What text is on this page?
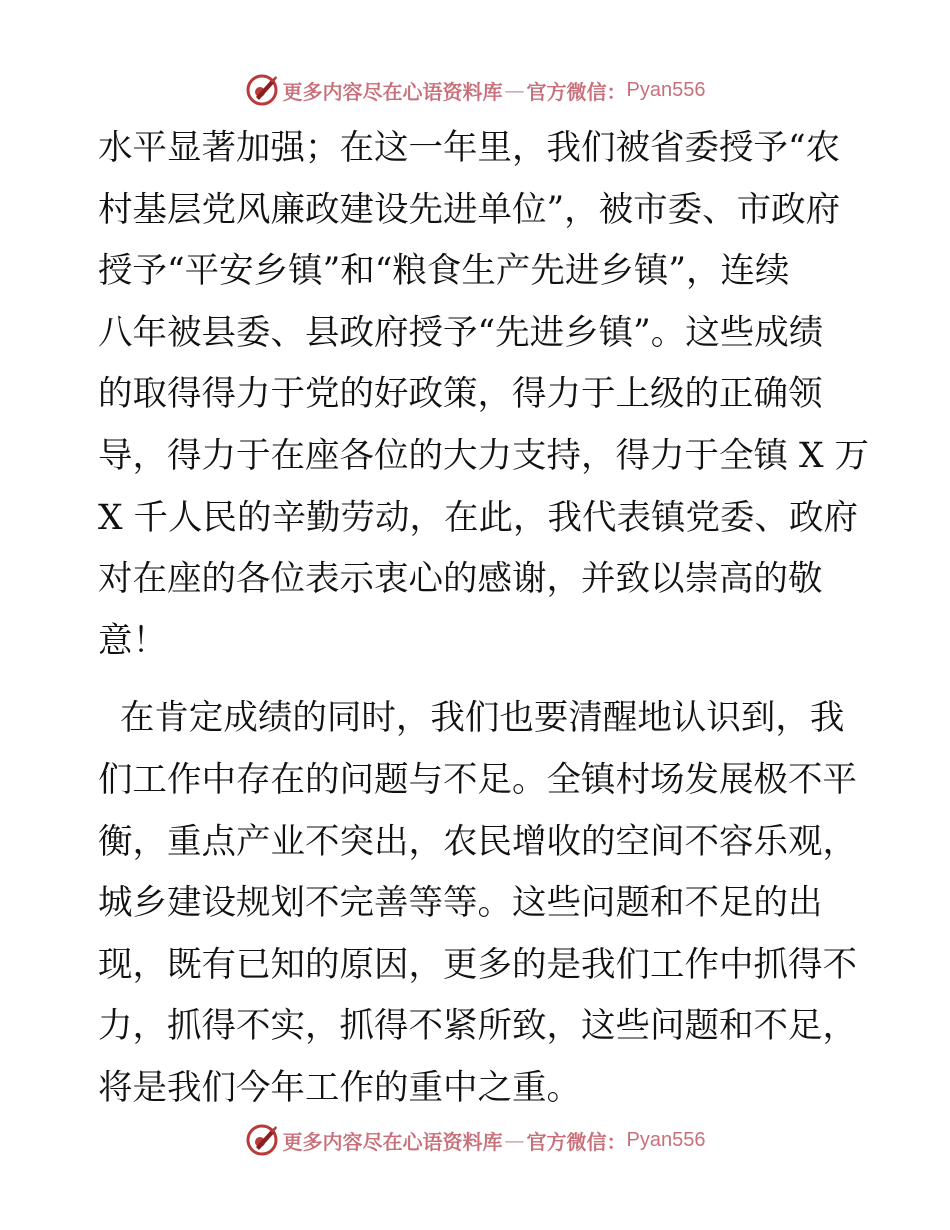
更多内容尽在心语资料库 — 官方微信： Pyan556
水平显著加强；在这一年里，我们被省委授予“农
村基层党风廉政建设先进单位”，被市委、市政府
授予“平安乡镇”和“粮食生产先进乡镇”，连续
八年被县委、县政府授予“先进乡镇”。这些成绩
的取得得力于党的好政策，得力于上级的正确领
导，得力于在座各位的大力支持，得力于全镇 X 万
X 千人民的辛勤劳动，在此，我代表镇党委、政府
对在座的各位表示衷心的感谢，并致以崇高的敬
意！
在肯定成绩的同时，我们也要清醒地认识到，我
们工作中存在的问题与不足。全镇村场发展极不平
衡，重点产业不突出，农民增收的空间不容乐观，
城乡建设规划不完善等等。这些问题和不足的出
现，既有已知的原因，更多的是我们工作中抓得不
力，抓得不实，抓得不紧所致，这些问题和不足，
将是我们今年工作的重中之重。
更多内容尽在心语资料库 — 官方微信： Pyan556
